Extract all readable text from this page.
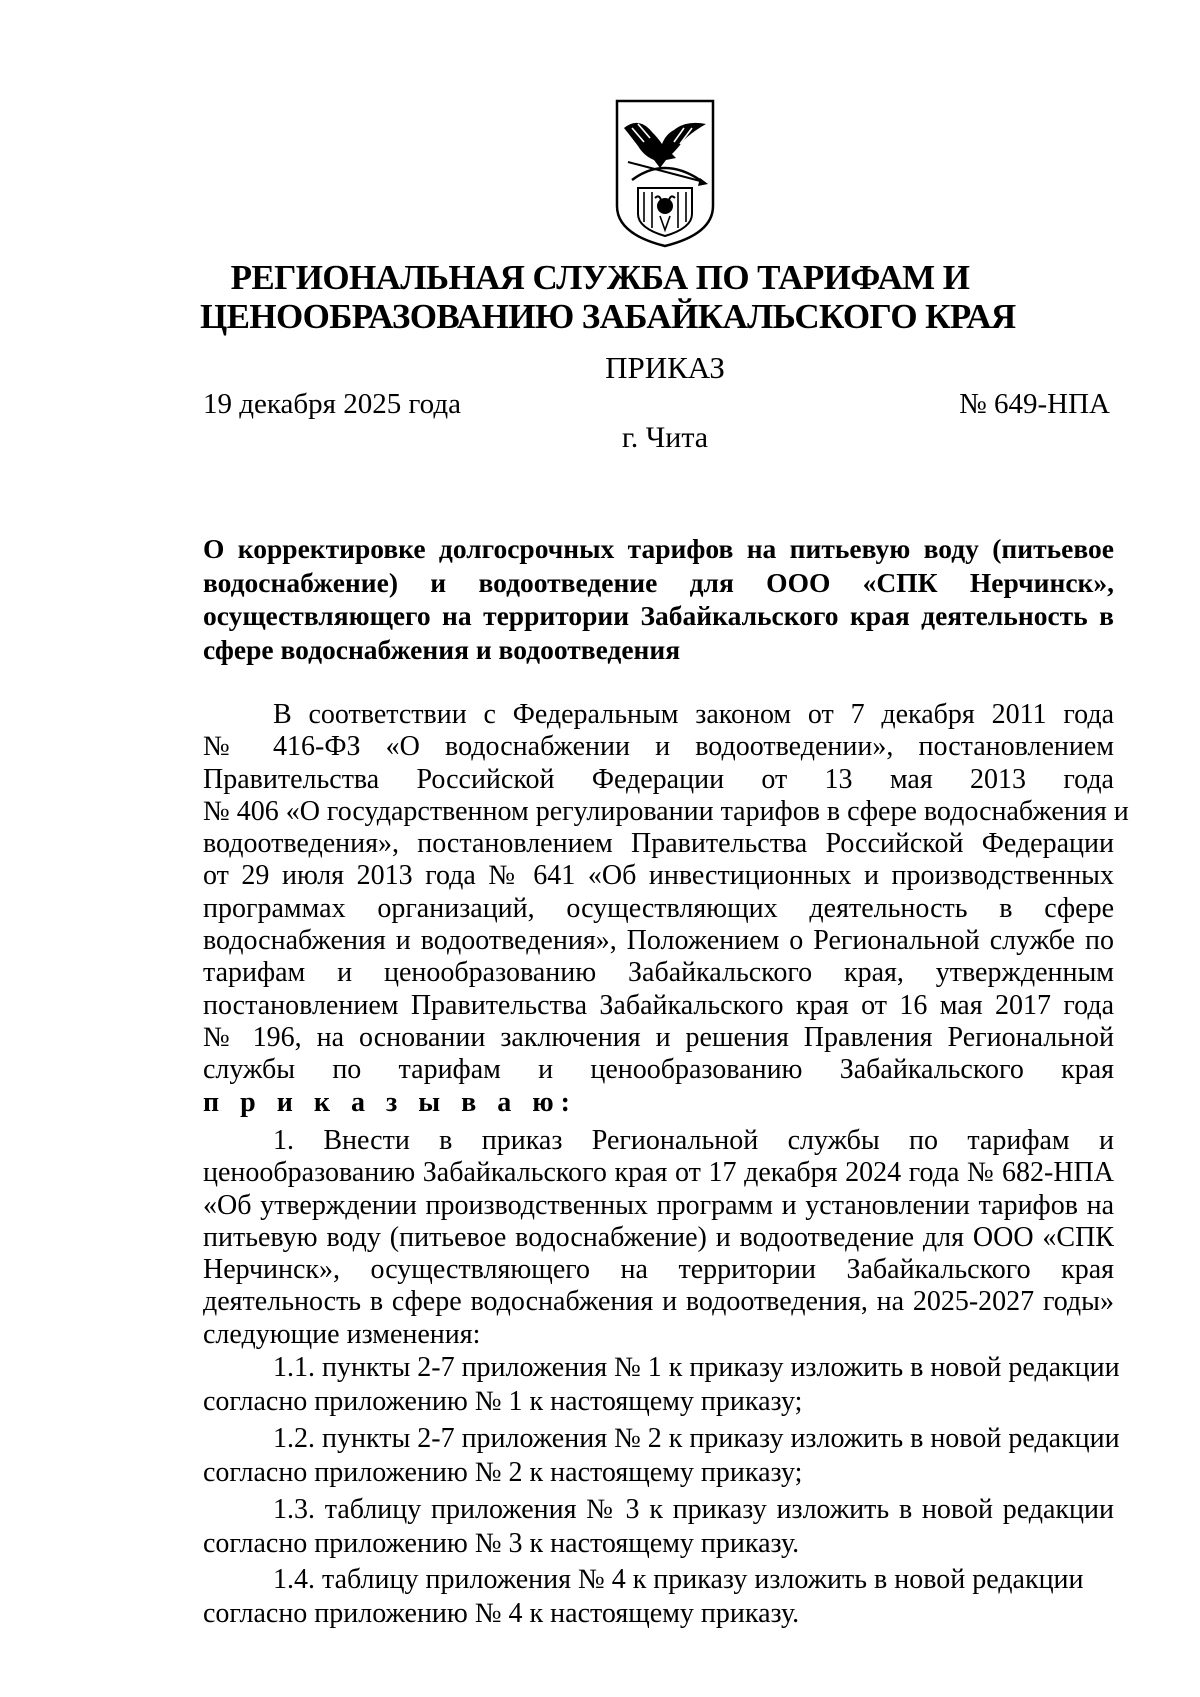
РЕГИОНАЛЬНАЯ СЛУЖБА ПО ТАРИФАМ И
ЦЕНООБРАЗОВАНИЮ ЗАБАЙКАЛЬСКОГО КРАЯ
ПРИКАЗ
19 декабря 2025 года	№ 649-НПА
г. Чита
О корректировке долгосрочных тарифов на питьевую воду (питьевое
водоснабжение) и водоотведение для ООО «СПК Нерчинск»,
осуществляющего на территории Забайкальского края деятельность в
сфере водоснабжения и водоотведения
В соответствии с Федеральным законом от 7 декабря 2011 года
№ 416-ФЗ «О водоснабжении и водоотведении», постановлением
Правительства Российской Федерации от 13 мая 2013 года
№ 406 «О государственном регулировании тарифов в сфере водоснабжения и
водоотведения», постановлением Правительства Российской Федерации
от 29 июля 2013 года № 641 «Об инвестиционных и производственных
программах организаций, осуществляющих деятельность в сфере
водоснабжения и водоотведения», Положением о Региональной службе по
тарифам и ценообразованию Забайкальского края, утвержденным
постановлением Правительства Забайкальского края от 16 мая 2017 года
№ 196, на основании заключения и решения Правления Региональной
службы по тарифам и ценообразованию Забайкальского края
п р и к а з ы в а ю:
1. Внести в приказ Региональной службы по тарифам и
ценообразованию Забайкальского края от 17 декабря 2024 года № 682-НПА
«Об утверждении производственных программ и установлении тарифов на
питьевую воду (питьевое водоснабжение) и водоотведение для ООО «СПК
Нерчинск», осуществляющего на территории Забайкальского края
деятельность в сфере водоснабжения и водоотведения, на 2025-2027 годы»
следующие изменения:
1.1. пункты 2-7 приложения № 1 к приказу изложить в новой редакции
согласно приложению № 1 к настоящему приказу;
1.2. пункты 2-7 приложения № 2 к приказу изложить в новой редакции
согласно приложению № 2 к настоящему приказу;
1.3. таблицу приложения № 3 к приказу изложить в новой редакции
согласно приложению № 3 к настоящему приказу.
1.4. таблицу приложения № 4 к приказу изложить в новой редакции
согласно приложению № 4 к настоящему приказу.
